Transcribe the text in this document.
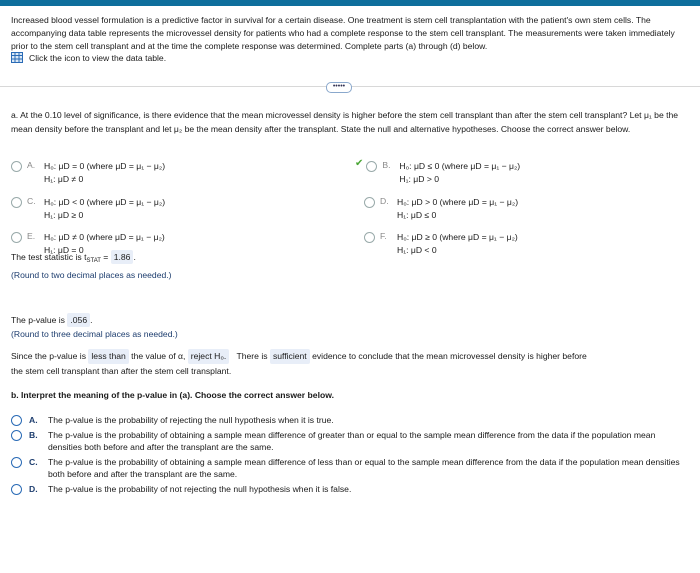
Increased blood vessel formulation is a predictive factor in survival for a certain disease. One treatment is stem cell transplantation with the patient's own stem cells. The accompanying data table represents the microvessel density for patients who had a complete response to the stem cell transplant. The measurements were taken immediately prior to the stem cell transplant and at the time the complete response was determined. Complete parts (a) through (d) below.
Click the icon to view the data table.
•••••
a. At the 0.10 level of significance, is there evidence that the mean microvessel density is higher before the stem cell transplant than after the stem cell transplant? Let μ₁ be the mean density before the transplant and let μ₂ be the mean density after the transplant. State the null and alternative hypotheses. Choose the correct answer below.
A.	H₀: μD = 0 (where μD = μ₁ − μ₂)
H₁: μD ≠ 0
✔ B.	H₀: μD ≤ 0 (where μD = μ₁ − μ₂)
H₁: μD > 0
C. H₀: μD < 0 (where μD = μ₁ − μ₂)
H₁: μD ≥ 0
D. H₀: μD > 0 (where μD = μ₁ − μ₂)
H₁: μD ≤ 0
E.	H₀: μD ≠ 0 (where μD = μ₁ − μ₂)
H₁: μD = 0
F.	H₀: μD ≥ 0 (where μD = μ₁ − μ₂)
H₁: μD < 0
The test statistic is $t_{STAT} = 1.86$ .
(Round to two decimal places as needed.)
The p-value is .056 .
(Round to three decimal places as needed.)
Since the p-value is less than the value of α, reject H₀. There is sufficient evidence to conclude that the mean microvessel density is higher before
the stem cell transplant than after the stem cell transplant.
b. Interpret the meaning of the p-value in (a). Choose the correct answer below.
A.	The p-value is the probability of rejecting the null hypothesis when it is true.
B.	The p-value is the probability of obtaining a sample mean difference of greater than or equal to the sample mean difference from the data if the population mean densities both before and after the transplant are the same.
C.	The p-value is the probability of obtaining a sample mean difference of less than or equal to the sample mean difference from the data if the population mean densities both before and after the transplant are the same.
D.	The p-value is the probability of not rejecting the null hypothesis when it is false.
